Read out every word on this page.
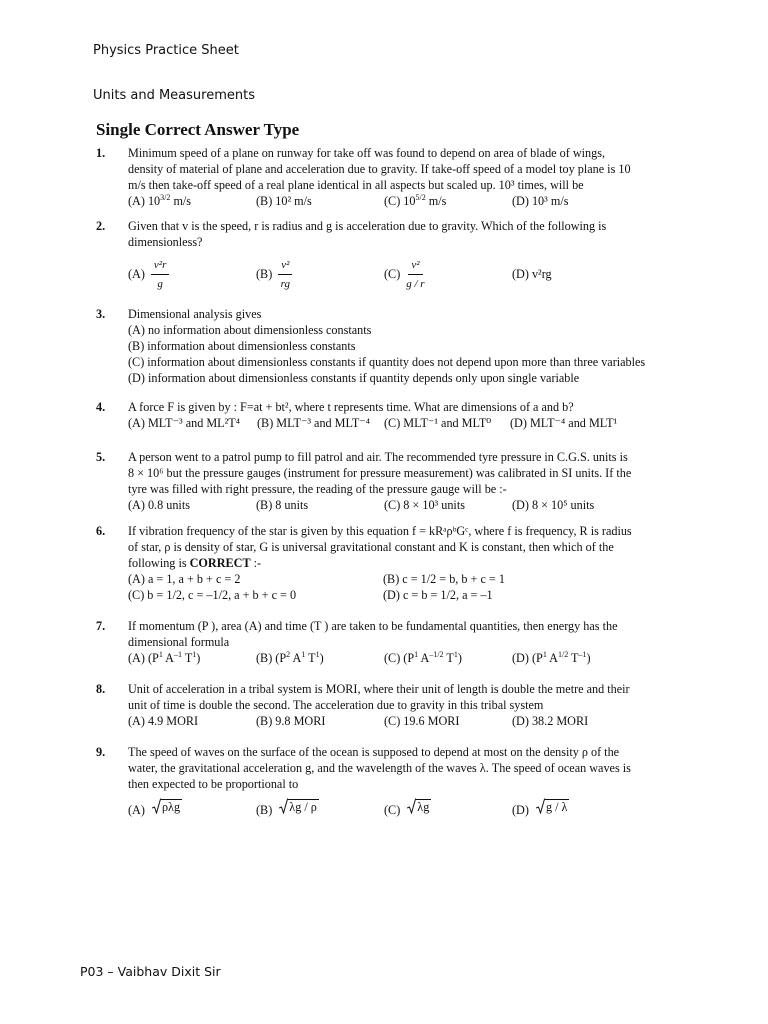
Physics Practice Sheet
Units and Measurements
Single Correct Answer Type
1. Minimum speed of a plane on runway for take off was found to depend on area of blade of wings,
density of material of plane and acceleration due to gravity. If take-off speed of a model toy plane is 10
m/s then take-off speed of a real plane identical in all aspects but scaled up. 10³ times, will be
(A) $10^{3/2}$ m/s	(B) 10² m/s	(C) $10^{5/2}$ m/s	(D) 10³ m/s
2. Given that v is the speed, r is radius and g is acceleration due to gravity. Which of the following is
dimensionless?
$(A) \frac{\text{v²r}}{g}$	$(B) \frac{\text{v²}}{rg}$	$(C) \frac{\text{v²}}{g / r}$	(D) v²rg
3. Dimensional analysis gives
(A) no information about dimensionless constants
(B) information about dimensionless constants
(C) information about dimensionless constants if quantity does not depend upon more than three variables
(D) information about dimensionless constants if quantity depends only upon single variable
4. A force F is given by : F=at + bt², where t represents time. What are dimensions of a and b?
(A) MLT⁻³ and ML²T⁴ (B) MLT⁻³ and MLT⁻⁴ (C) MLT⁻¹ and MLT⁰ (D) MLT⁻⁴ and MLT¹
5. A person went to a patrol pump to fill patrol and air. The recommended tyre pressure in C.G.S. units is
8 × 10⁶ but the pressure gauges (instrument for pressure measurement) was calibrated in SI units. If the
tyre was filled with right pressure, the reading of the pressure gauge will be :-
(A) 0.8 units	(B) 8 units	(C) 8 × 10³ units	(D) 8 × 10⁵ units
6. If vibration frequency of the star is given by this equation f = kRᵃρᵇGᶜ, where f is frequency, R is radius
of star, ρ is density of star, G is universal gravitational constant and K is constant, then which of the
following is CORRECT :-
(A) a = 1, a + b + c = 2	(B) c = 1/2 = b, b + c = 1
(C) b = 1/2, c = –1/2, a + b + c = 0	(D) c = b = 1/2, a = –1
7. If momentum (P ), area (A) and time (T ) are taken to be fundamental quantities, then energy has the
dimensional formula
(A) ($P^1$ $A^{-1}$ $T^1$)	(B) ($P^2$ $A^1$ $T^1$)	(C) ($P^1$ $A^{-1/2}$ $T^1$)	(D) ($P^1$ $A^{1/2}$ $T^{-1}$)
8. Unit of acceleration in a tribal system is MORI, where their unit of length is double the metre and their
unit of time is double the second. The acceleration due to gravity in this tribal system
(A) 4.9 MORI	(B) 9.8 MORI	(C) 19.6 MORI	(D) 38.2 MORI
9. The speed of waves on the surface of the ocean is supposed to depend at most on the density ρ of the
water, the gravitational acceleration g, and the wavelength of the waves λ. The speed of ocean waves is
then expected to be proportional to
(A) ρλg	(B) λg / ρ	(C) λg	(D) g / λ
P03 – Vaibhav Dixit Sir
